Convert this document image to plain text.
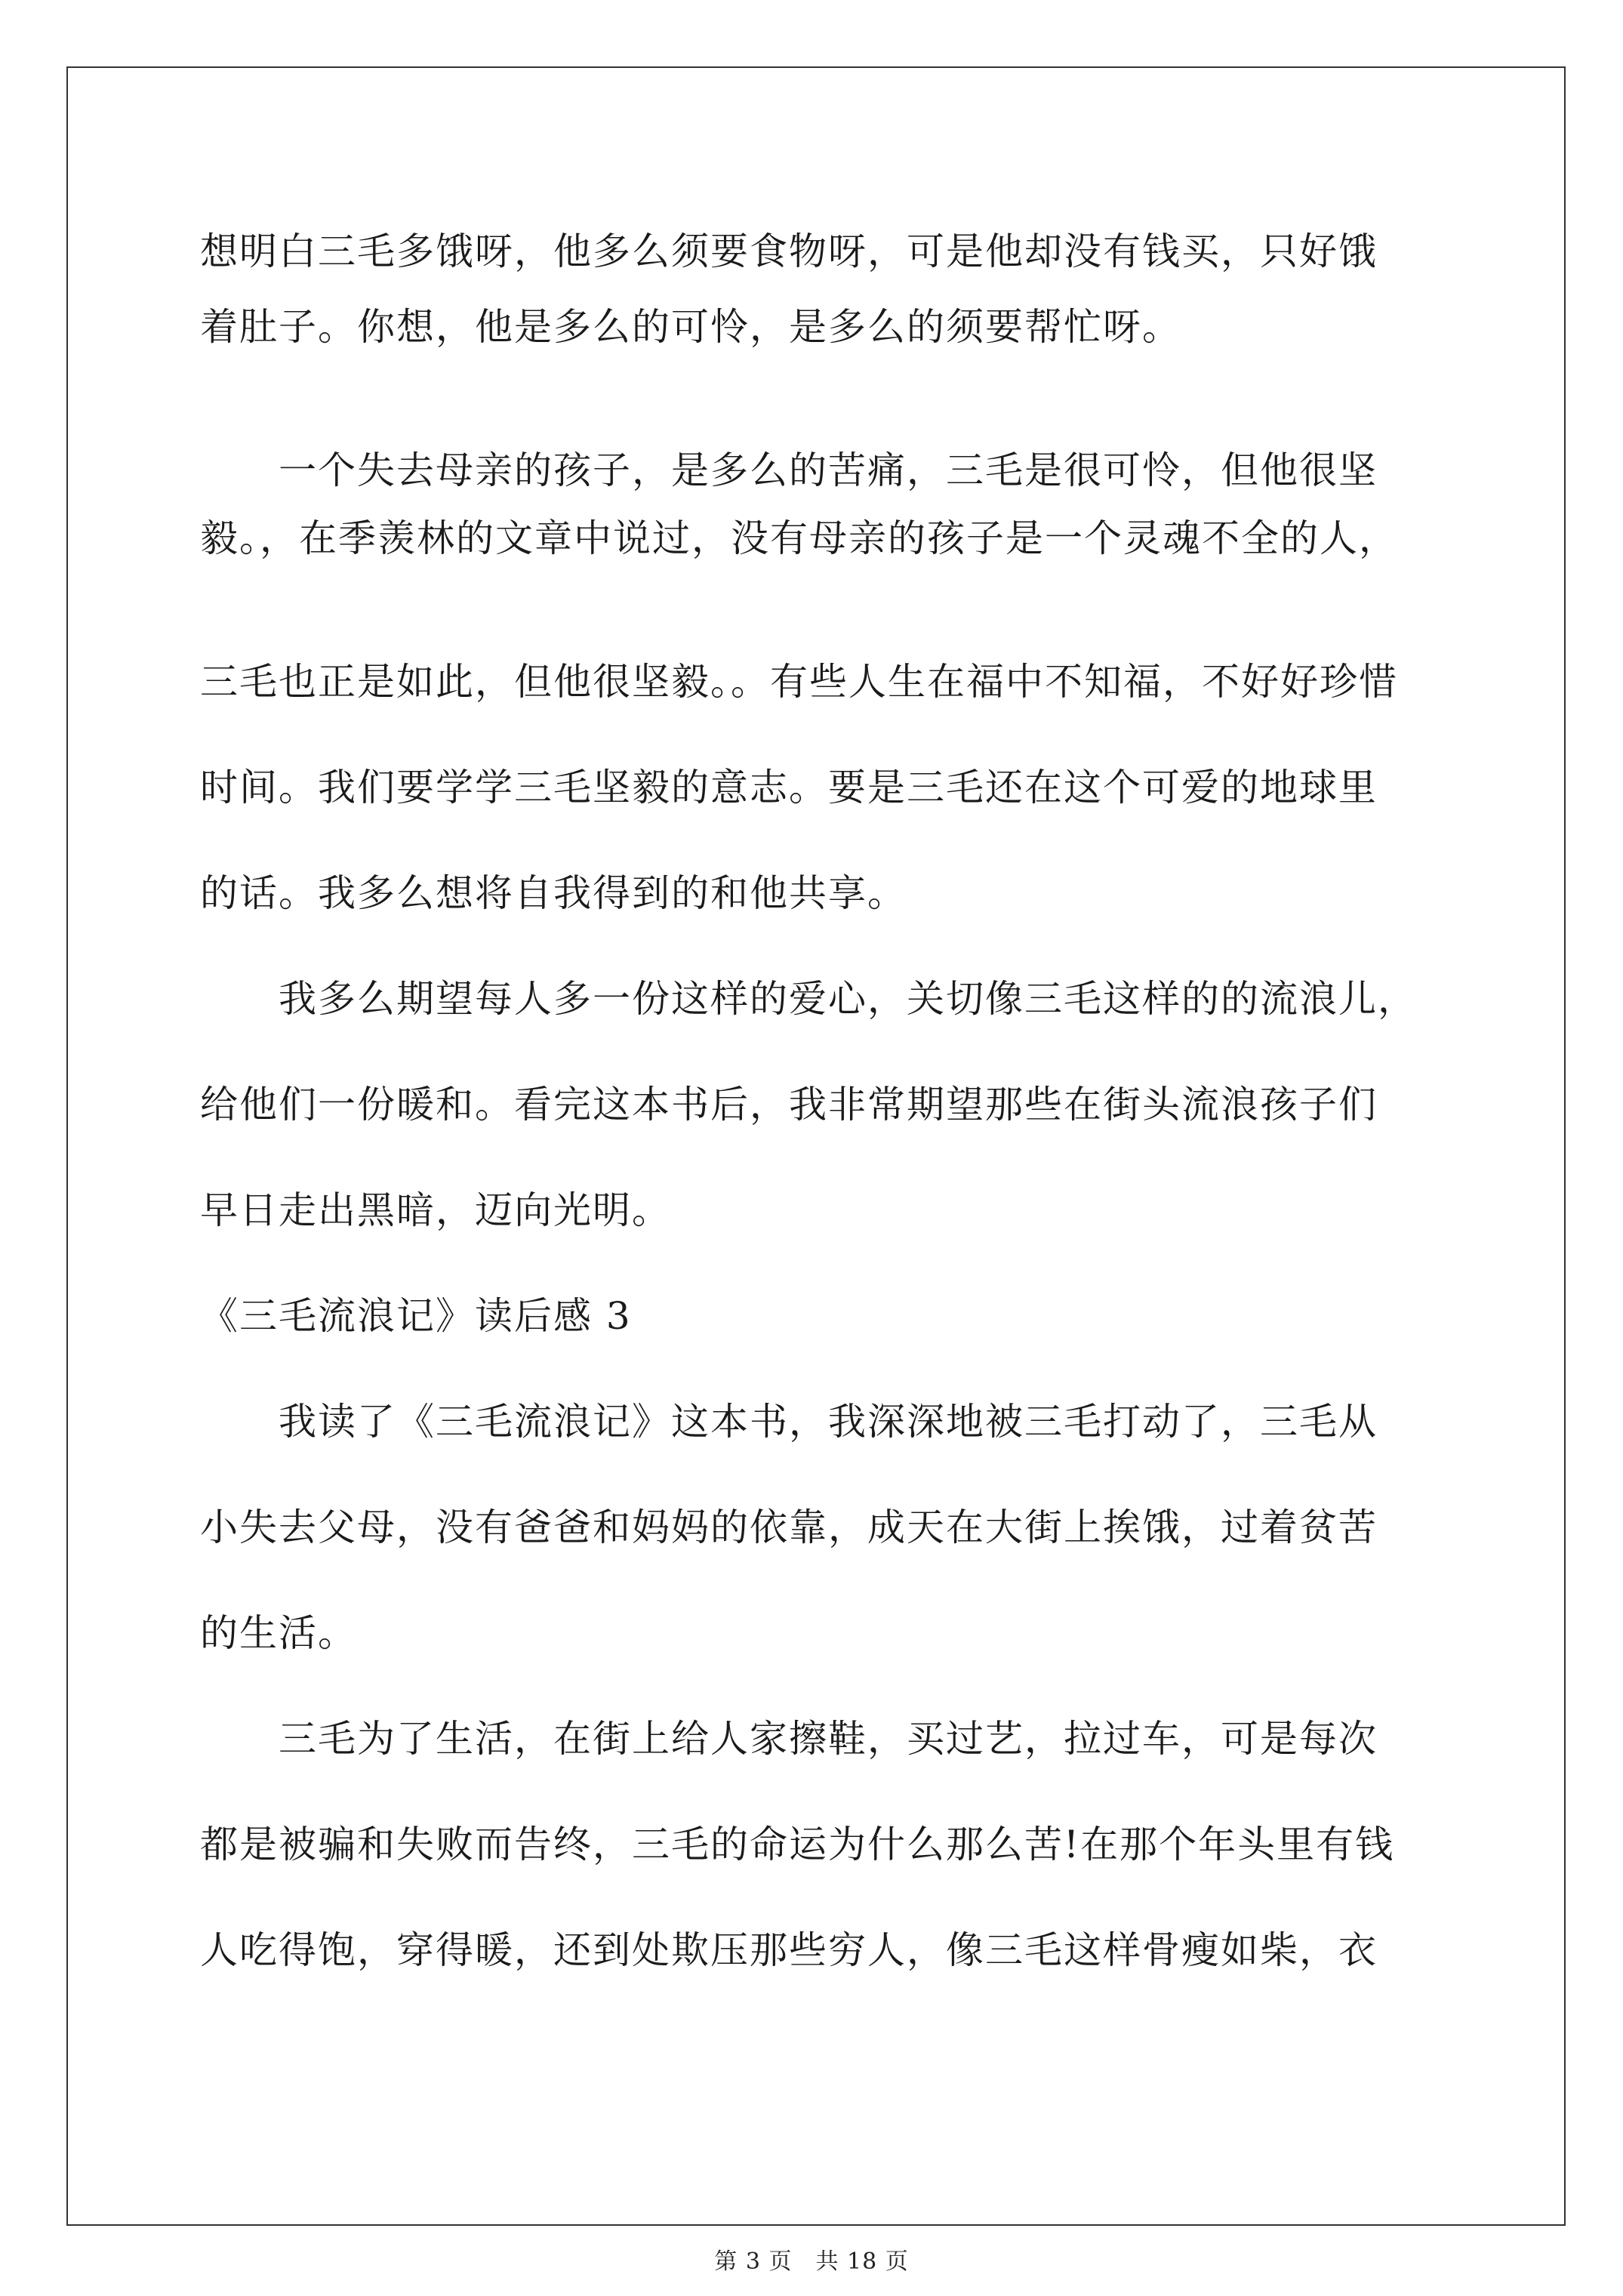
想明白三毛多饿呀，他多么须要食物呀，可是他却没有钱买，只好饿
着肚子。你想，他是多么的可怜，是多么的须要帮忙呀。
　　一个失去母亲的孩子，是多么的苦痛，三毛是很可怜，但他很坚
毅。，在季羡林的文章中说过，没有母亲的孩子是一个灵魂不全的人，
三毛也正是如此，但他很坚毅。。有些人生在福中不知福，不好好珍惜
时间。我们要学学三毛坚毅的意志。要是三毛还在这个可爱的地球里
的话。我多么想将自我得到的和他共享。
　　我多么期望每人多一份这样的爱心，关切像三毛这样的的流浪儿，
给他们一份暖和。看完这本书后，我非常期望那些在街头流浪孩子们
早日走出黑暗，迈向光明。
《三毛流浪记》读后感 3
　　我读了《三毛流浪记》这本书，我深深地被三毛打动了，三毛从
小失去父母，没有爸爸和妈妈的依靠，成天在大街上挨饿，过着贫苦
的生活。
　　三毛为了生活，在街上给人家擦鞋，买过艺，拉过车，可是每次
都是被骗和失败而告终，三毛的命运为什么那么苦!在那个年头里有钱
人吃得饱，穿得暖，还到处欺压那些穷人，像三毛这样骨瘦如柴，衣
第 3 页　共 18 页
